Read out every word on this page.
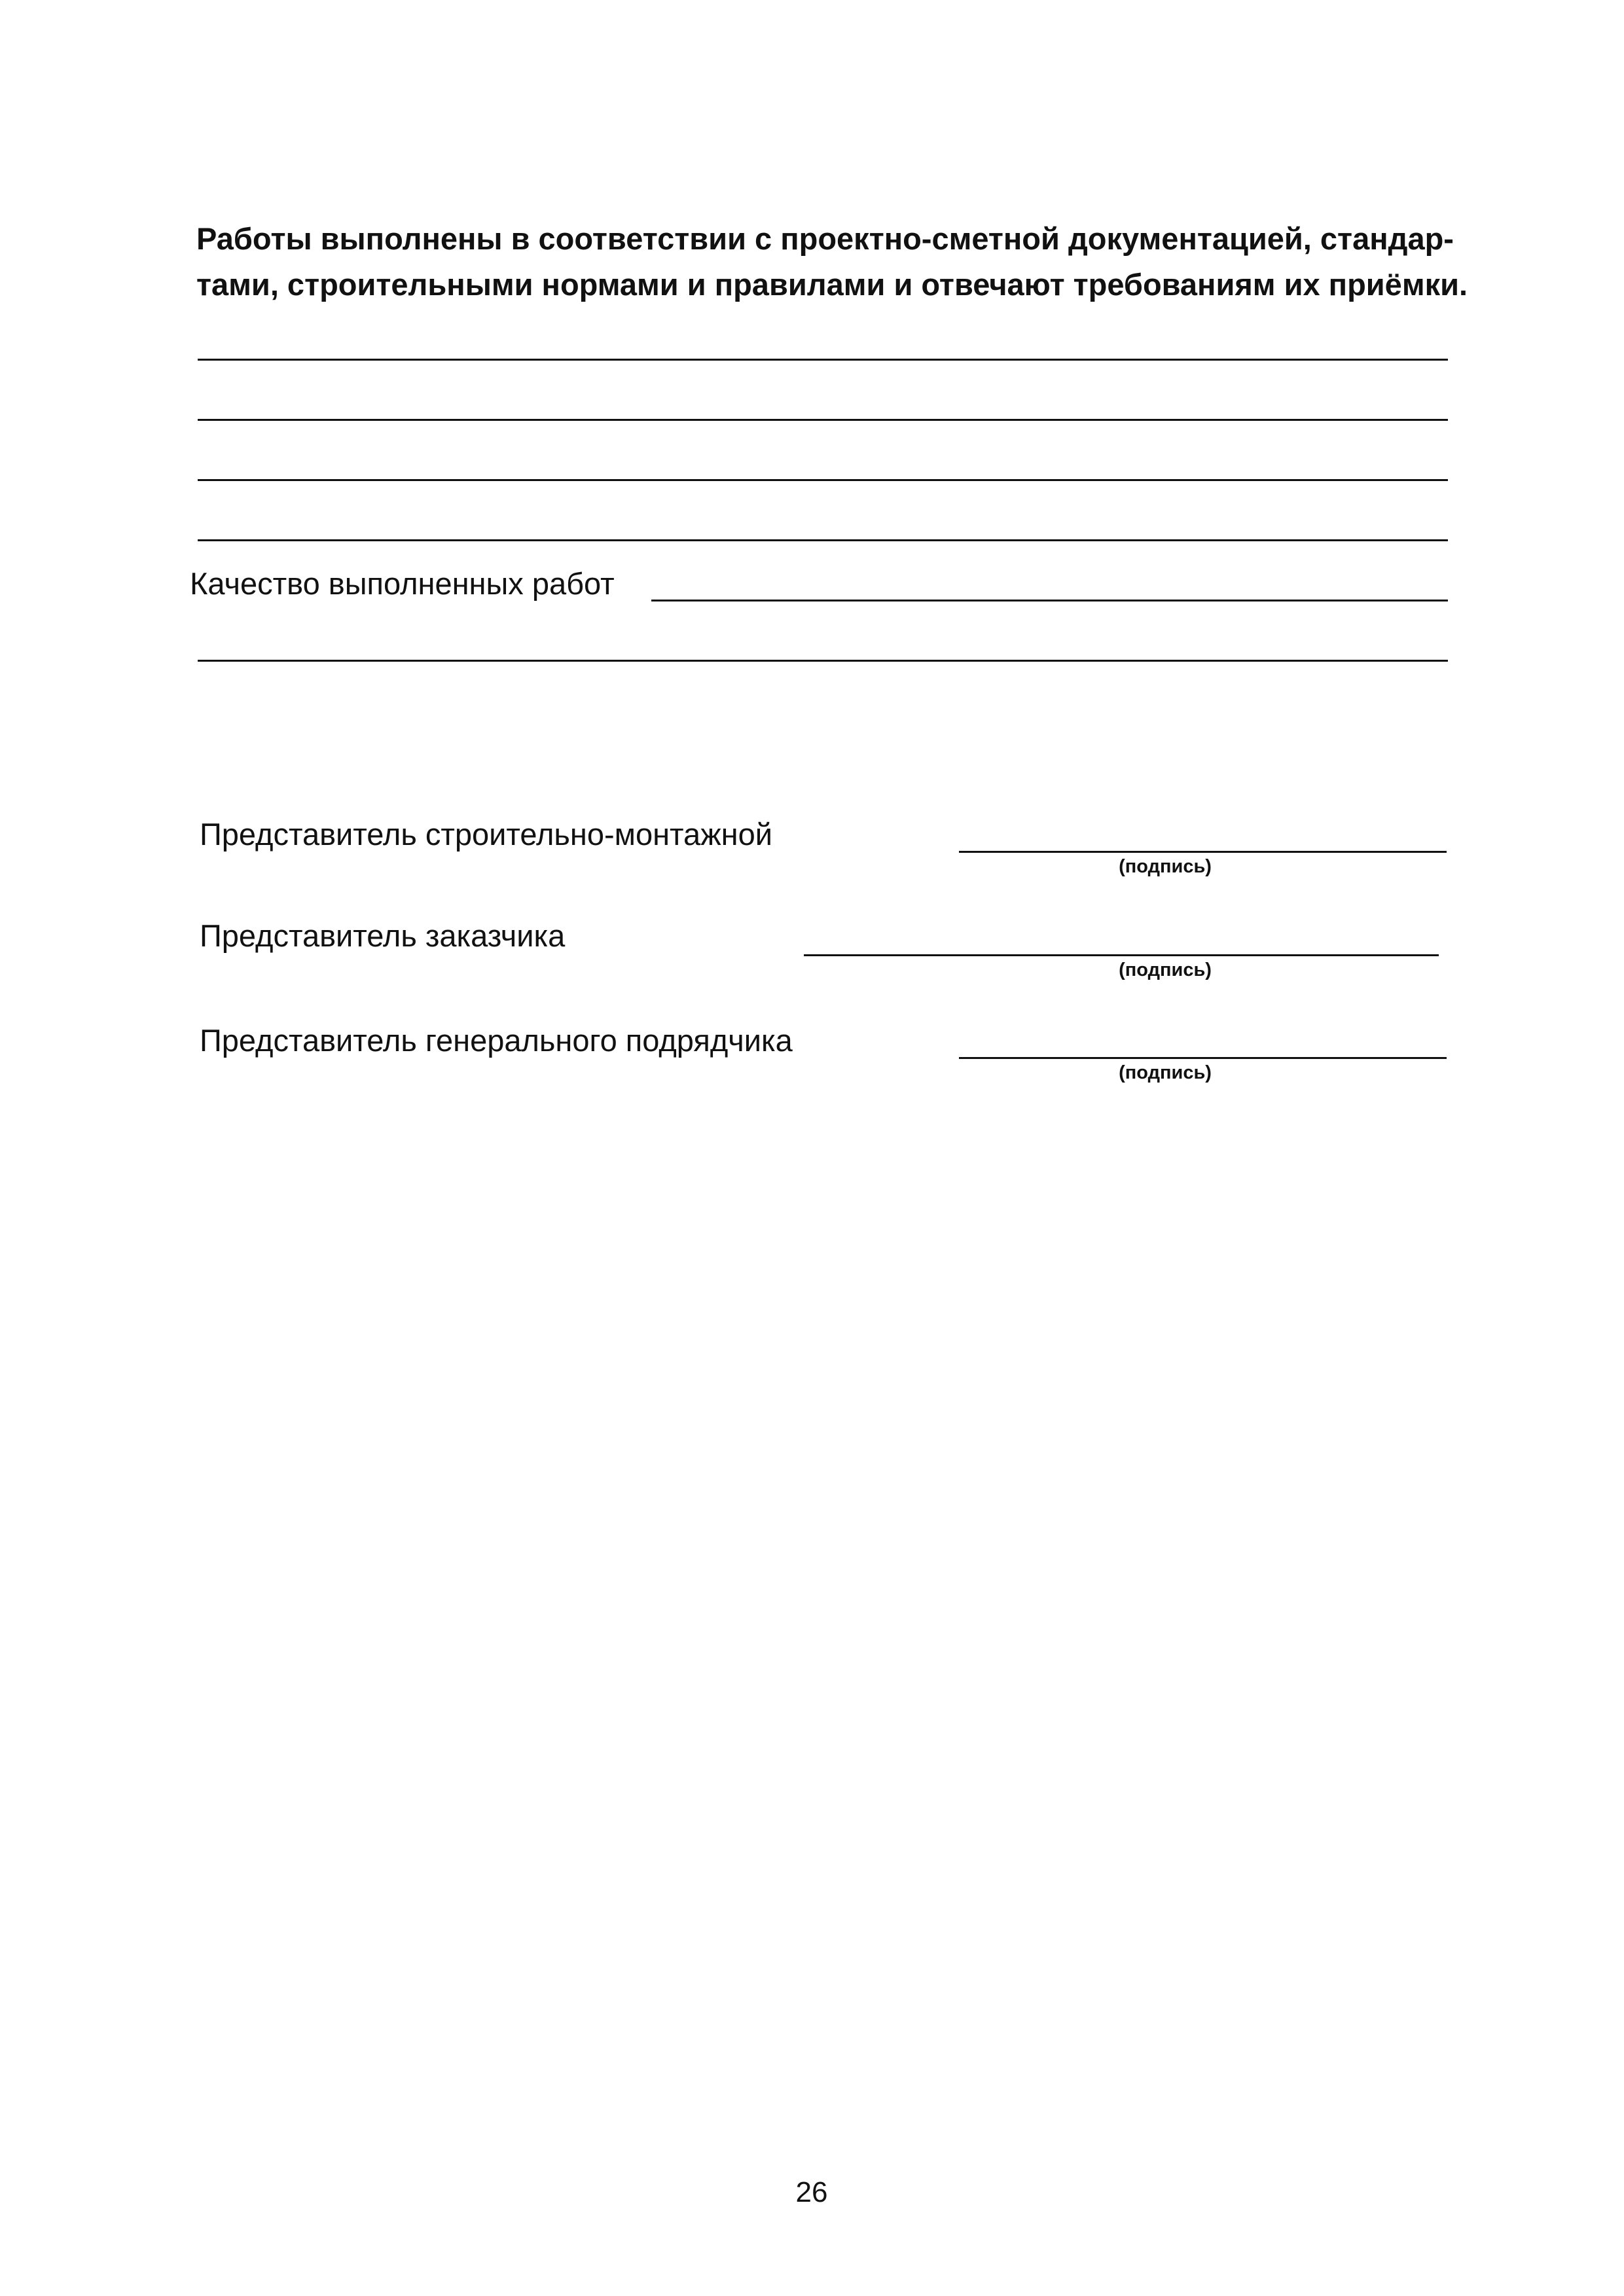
Работы выполнены в соответствии с проектно-сметной документацией, стандар-
тами, строительными нормами и правилами и отвечают требованиям их приёмки.

Качество выполненных работ
Представитель строительно-монтажной
(подпись)
Представитель заказчика
(подпись)
Представитель генерального подрядчика
(подпись)
26
